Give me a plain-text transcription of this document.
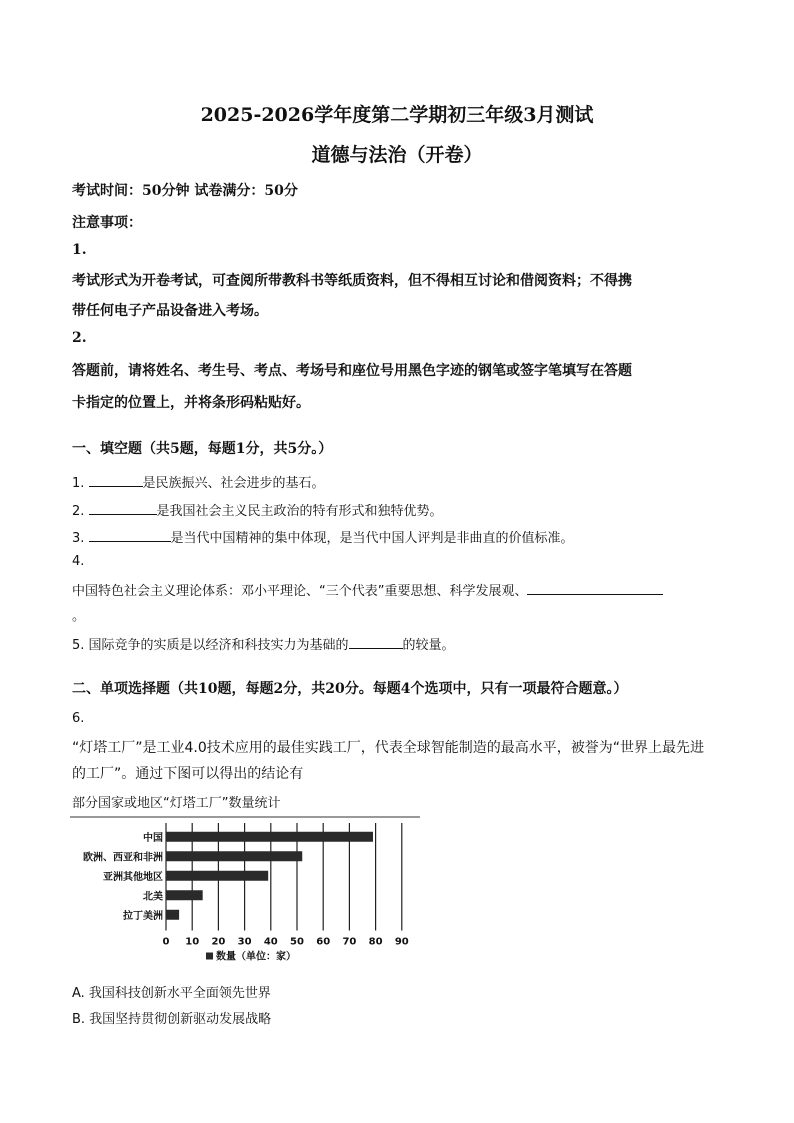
2025-2026学年度第二学期初三年级3月测试
道德与法治（开卷）
考试时间：50分钟 试卷满分：50分
注意事项：
1.
考试形式为开卷考试，可查阅所带教科书等纸质资料，但不得相互讨论和借阅资料；不得携
带任何电子产品设备进入考场。
2.
答题前，请将姓名、考生号、考点、考场号和座位号用黑色字迹的钢笔或签字笔填写在答题
卡指定的位置上，并将条形码粘贴好。
一、填空题（共5题，每题1分，共5分。）
1.	是民族振兴、社会进步的基石。
2.	是我国社会主义民主政治的特有形式和独特优势。
3.	是当代中国精神的集中体现，是当代中国人评判是非曲直的价值标准。
4.
中国特色社会主义理论体系：邓小平理论、“三个代表”重要思想、科学发展观、
。
5. 国际竞争的实质是以经济和科技实力为基础的	的较量。
二、单项选择题（共10题，每题2分，共20分。每题4个选项中，只有一项最符合题意。）
6.
“灯塔工厂”是工业4.0技术应用的最佳实践工厂，代表全球智能制造的最高水平，被誉为“世界上最先进
的工厂”。通过下图可以得出的结论有
部分国家或地区“灯塔工厂”数量统计
中国
欧洲、西亚和非洲
亚洲其他地区
北美
拉丁美洲
0 10 20 30 40 50 60 70 80 90
数量（单位：家）
A. 我国科技创新水平全面领先世界
B. 我国坚持贯彻创新驱动发展战略
